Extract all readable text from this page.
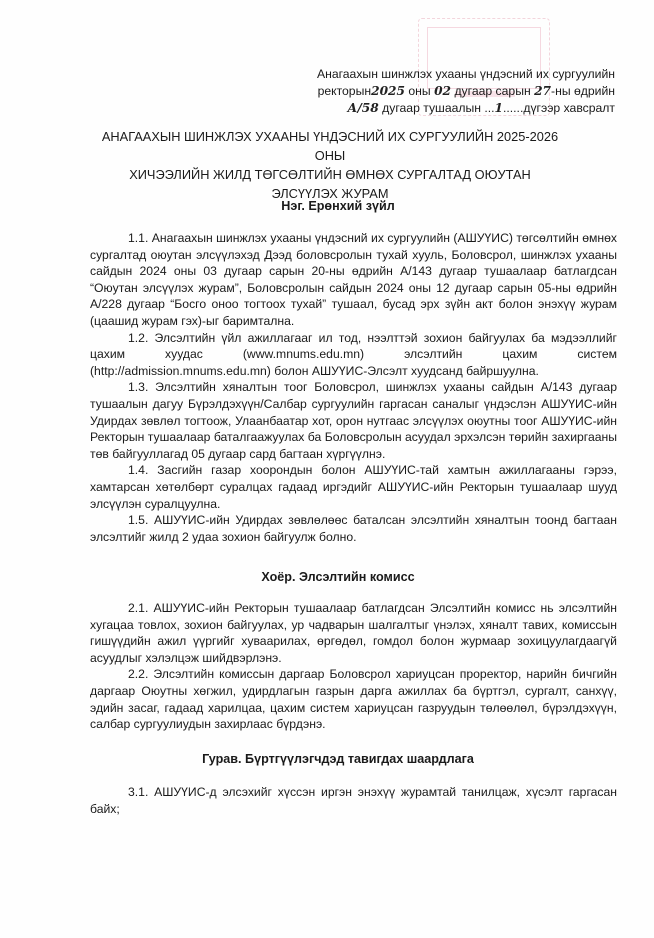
Анагаахын шинжлэх ухааны үндэсний их сургуулийн
ректорын2025 оны 02 дугаар сарын 27-ны өдрийн
А/58 дугаар тушаалын ...1......дүгээр хавсралт
АНАГААХЫН ШИНЖЛЭХ УХААНЫ ҮНДЭСНИЙ ИХ СУРГУУЛИЙН 2025-2026 ОНЫ
ХИЧЭЭЛИЙН ЖИЛД ТӨГСӨЛТИЙН ӨМНӨХ СУРГАЛТАД ОЮУТАН
ЭЛСҮҮЛЭХ ЖУРАМ
Нэг. Ерөнхий зүйл

1.1. Анагаахын шинжлэх ухааны үндэсний их сургуулийн (АШУҮИС) төгсөлтийн өмнөх сургалтад оюутан элсүүлэхэд Дээд боловсролын тухай хууль, Боловсрол, шинжлэх ухааны сайдын 2024 оны 03 дугаар сарын 20-ны өдрийн А/143 дугаар тушаалаар батлагдсан “Оюутан элсүүлэх журам”, Боловсролын сайдын 2024 оны 12 дугаар сарын 05-ны өдрийн А/228 дугаар “Босго оноо тогтоох тухай” тушаал, бусад эрх зүйн акт болон энэхүү журам (цаашид журам гэх)-ыг баримтална.

1.2. Элсэлтийн үйл ажиллагааг ил тод, нээлттэй зохион байгуулах ба мэдээллийг цахим хуудас (www.mnums.edu.mn) элсэлтийн цахим систем (http://admission.mnums.edu.mn) болон АШУҮИС-Элсэлт хуудсанд байршуулна.

1.3. Элсэлтийн хяналтын тоог Боловсрол, шинжлэх ухааны сайдын А/143 дугаар тушаалын дагуу Бүрэлдэхүүн/Салбар сургуулийн гаргасан саналыг үндэслэн АШУҮИС-ийн Удирдах зөвлөл тогтоож, Улаанбаатар хот, орон нутгаас элсүүлэх оюутны тоог АШУҮИС-ийн Ректорын тушаалаар баталгаажуулах ба Боловсролын асуудал эрхэлсэн төрийн захиргааны төв байгууллагад 05 дугаар сард багтаан хүргүүлнэ.

1.4. Засгийн газар хоорондын болон АШУҮИС-тай хамтын ажиллагааны гэрээ, хамтарсан хөтөлбөрт суралцах гадаад иргэдийг АШУҮИС-ийн Ректорын тушаалаар шууд элсүүлэн суралцуулна.

1.5. АШУҮИС-ийн Удирдах зөвлөлөөс баталсан элсэлтийн хяналтын тоонд багтаан элсэлтийг жилд 2 удаа зохион байгуулж болно.

Хоёр. Элсэлтийн комисс

2.1. АШУҮИС-ийн Ректорын тушаалаар батлагдсан Элсэлтийн комисс нь элсэлтийн хугацаа товлох, зохион байгуулах, ур чадварын шалгалтыг үнэлэх, хяналт тавих, комиссын гишүүдийн ажил үүргийг хуваарилах, өргөдөл, гомдол болон журмаар зохицуулагдаагүй асуудлыг хэлэлцэж шийдвэрлэнэ.

2.2. Элсэлтийн комиссын даргаар Боловсрол хариуцсан проректор, нарийн бичгийн даргаар Оюутны хөгжил, удирдлагын газрын дарга ажиллах ба бүртгэл, сургалт, санхүү, эдийн засаг, гадаад харилцаа, цахим систем хариуцсан газруудын төлөөлөл, бүрэлдэхүүн, салбар сургуулиудын захирлаас бүрдэнэ.

Гурав. Бүртгүүлэгчдэд тавигдах шаардлага

3.1. АШУҮИС-д элсэхийг хүссэн иргэн энэхүү журамтай танилцаж, хүсэлт гаргасан байх;
